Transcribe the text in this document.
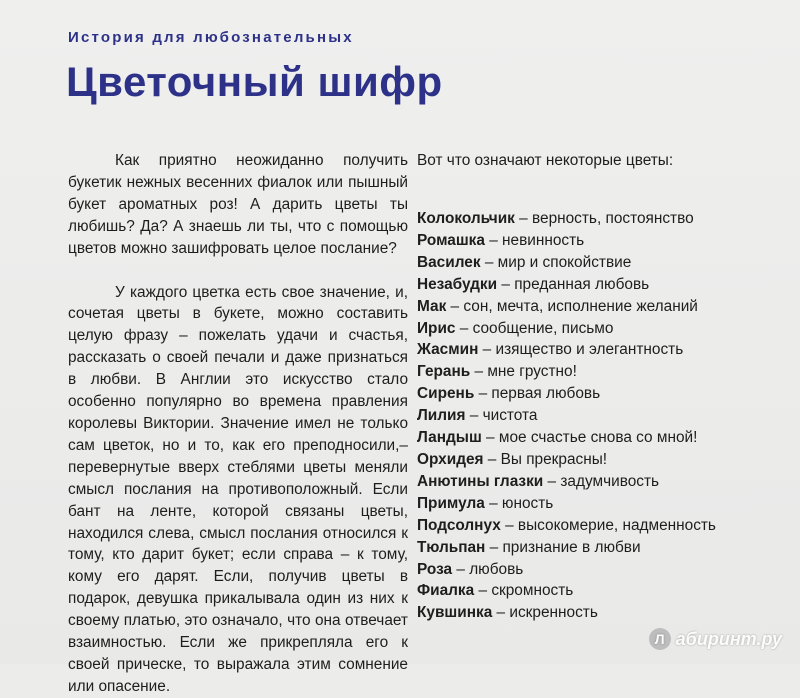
История для любознательных
Цветочный шифр

Как приятно неожиданно получить букетик нежных весенних фиалок или пышный букет ароматных роз! А дарить цветы ты любишь? Да? А знаешь ли ты, что с помощью цветов можно зашифровать целое послание?

У каждого цветка есть свое значение, и, сочетая цветы в букете, можно составить целую фразу – пожелать удачи и счастья, рассказать о своей печали и даже признаться в любви. В Англии это искусство стало особенно популярно во времена правления королевы Виктории. Значение имел не только сам цветок, но и то, как его преподносили,– перевернутые вверх стеблями цветы меняли смысл послания на противоположный. Если бант на ленте, которой связаны цветы, находился слева, смысл послания относился к тому, кто дарит букет; если справа – к тому, кому его дарят. Если, получив цветы в подарок, девушка прикалывала один из них к своему платью, это означало, что она отвечает взаимностью. Если же прикрепляла его к своей прическе, то выражала этим сомнение или опасение.

Вот что означают некоторые цветы:
Колокольчик – верность, постоянство
Ромашка – невинность
Василек – мир и спокойствие
Незабудки – преданная любовь
Мак – сон, мечта, исполнение желаний
Ирис – сообщение, письмо
Жасмин – изящество и элегантность
Герань – мне грустно!
Сирень – первая любовь
Лилия – чистота
Ландыш – мое счастье снова со мной!
Орхидея – Вы прекрасны!
Анютины глазки – задумчивость
Примула – юность
Подсолнух – высокомерие, надменность
Тюльпан – признание в любви
Роза – любовь
Фиалка – скромность
Кувшинка – искренность
Л абиринт.ру
